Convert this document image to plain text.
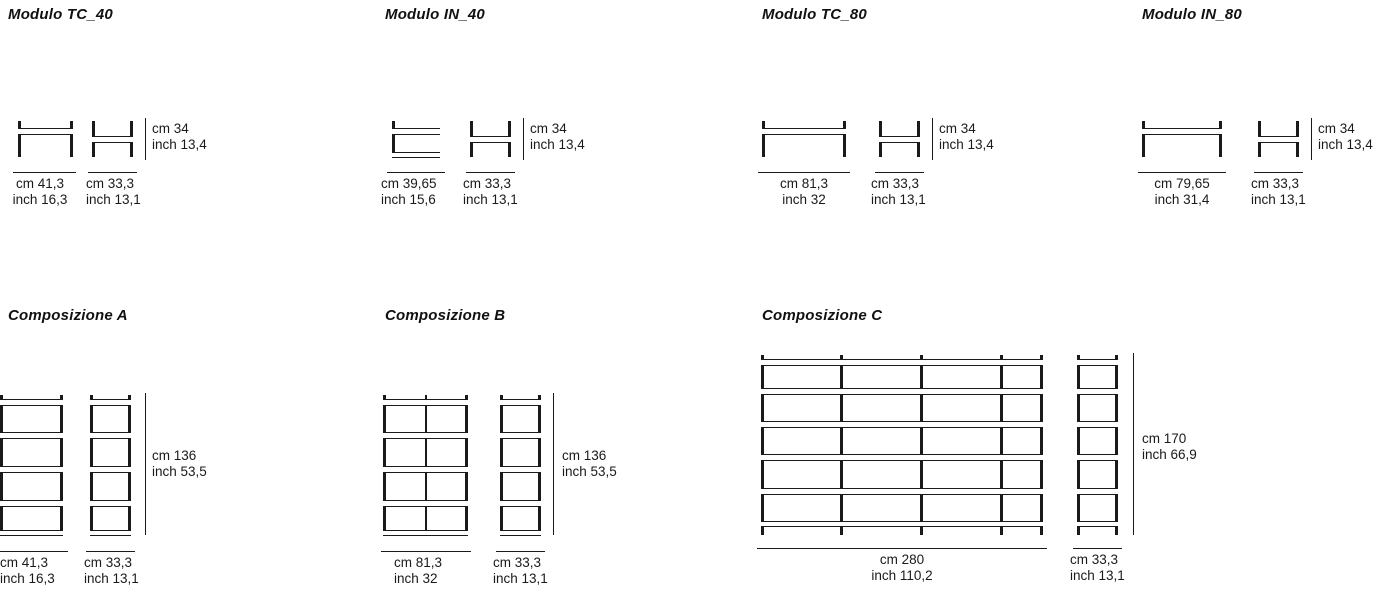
Modulo TC_40
cm 41,3
inch 16,3
cm 33,3
inch 13,1
cm 34
inch 13,4
Modulo IN_40
cm 39,65
inch 15,6
cm 33,3
inch 13,1
cm 34
inch 13,4
Modulo TC_80
cm 81,3
inch 32
cm 33,3
inch 13,1
cm 34
inch 13,4
Modulo IN_80
cm 79,65
inch 31,4
cm 33,3
inch 13,1
cm 34
inch 13,4
Composizione A
cm 41,3
inch 16,3
cm 33,3
inch 13,1
cm 136
inch 53,5
Composizione B
cm 81,3
inch 32
cm 33,3
inch 13,1
cm 136
inch 53,5
Composizione C
cm 280
inch 110,2
cm 33,3
inch 13,1
cm 170
inch 66,9
